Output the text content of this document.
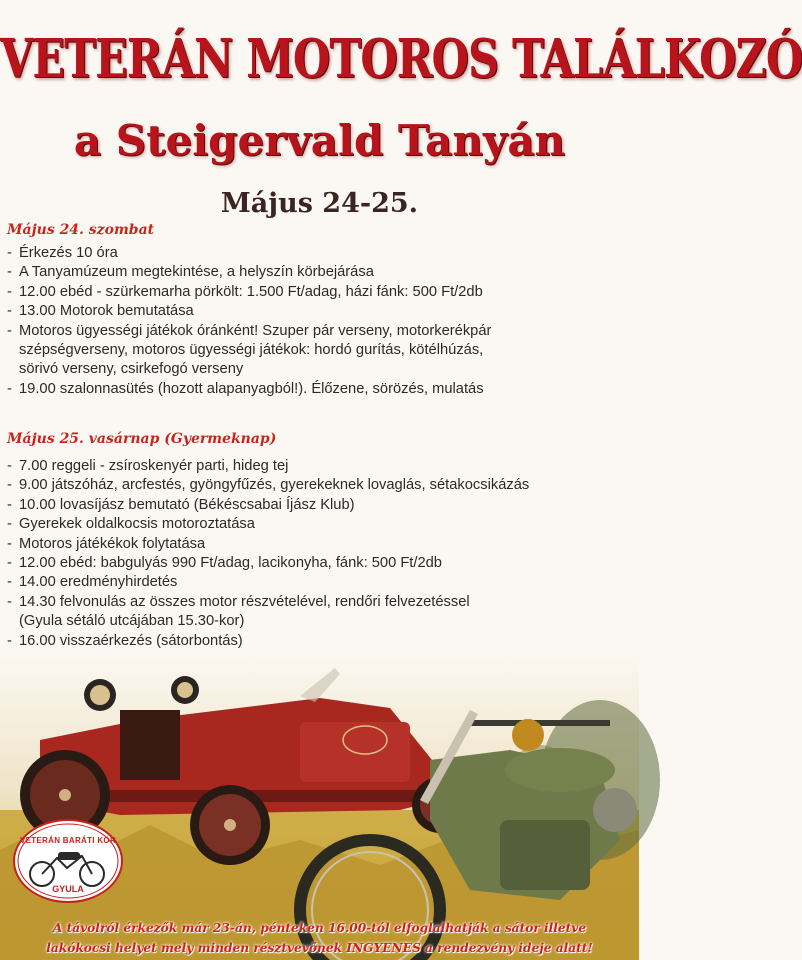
VETERÁN MOTOROS TALÁLKOZÓ
a Steigervald Tanyán
Május 24-25.
Május 24. szombat
- Érkezés 10 óra
- A Tanyamúzeum megtekintése, a helyszín körbejárása
- 12.00 ebéd - szürkemarha pörkölt: 1.500 Ft/adag, házi fánk: 500 Ft/2db
- 13.00 Motorok bemutatása
- Motoros ügyességi játékok óránként! Szuper pár verseny, motorkerékpár
szépségverseny, motoros ügyességi játékok: hordó gurítás, kötélhúzás,
sörivó verseny, csirkefogó verseny
- 19.00 szalonnasütés (hozott alapanyagból!). Élőzene, sörözés, mulatás
Május 25. vasárnap (Gyermeknap)
- 7.00 reggeli - zsíroskenyér parti, hideg tej
- 9.00 játszóház, arcfestés, gyöngyfűzés, gyerekeknek lovaglás, sétakocsikázás
- 10.00 lovasíjász bemutató (Békéscsabai Íjász Klub)
- Gyerekek oldalkocsis motoroztatása
- Motoros játékékok folytatása
- 12.00 ebéd: babgulyás 990 Ft/adag, lacikonyha, fánk: 500 Ft/2db
- 14.00 eredményhirdetés
- 14.30 felvonulás az összes motor részvételével, rendőri felvezetéssel
(Gyula sétáló utcájában 15.30-kor)
- 16.00 visszaérkezés (sátorbontás)
VETERÁN BARÁTI KÖR
GYULA
A távolról érkezők már 23-án, pénteken 16.00-tól elfoglalhatják a sátor illetve
lakókocsi helyet mely minden résztvevőnek INGYENES a rendezvény ideje alatt!
